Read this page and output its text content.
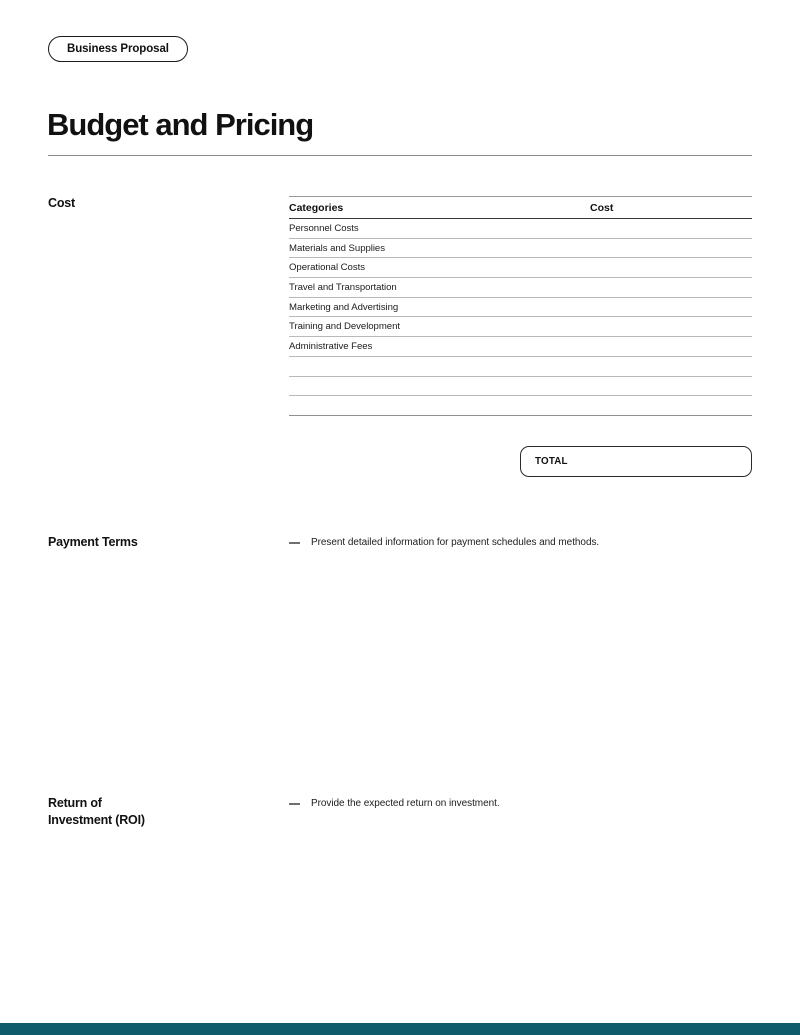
Business Proposal
Budget and Pricing
Cost	Categories	Cost
Personnel Costs
Materials and Supplies
Operational Costs
Travel and Transportation
Marketing and Advertising
Training and Development
Administrative Fees
TOTAL
Payment Terms	Present detailed information for payment schedules and methods.
Return of
Investment (ROI)
Provide the expected return on investment.
